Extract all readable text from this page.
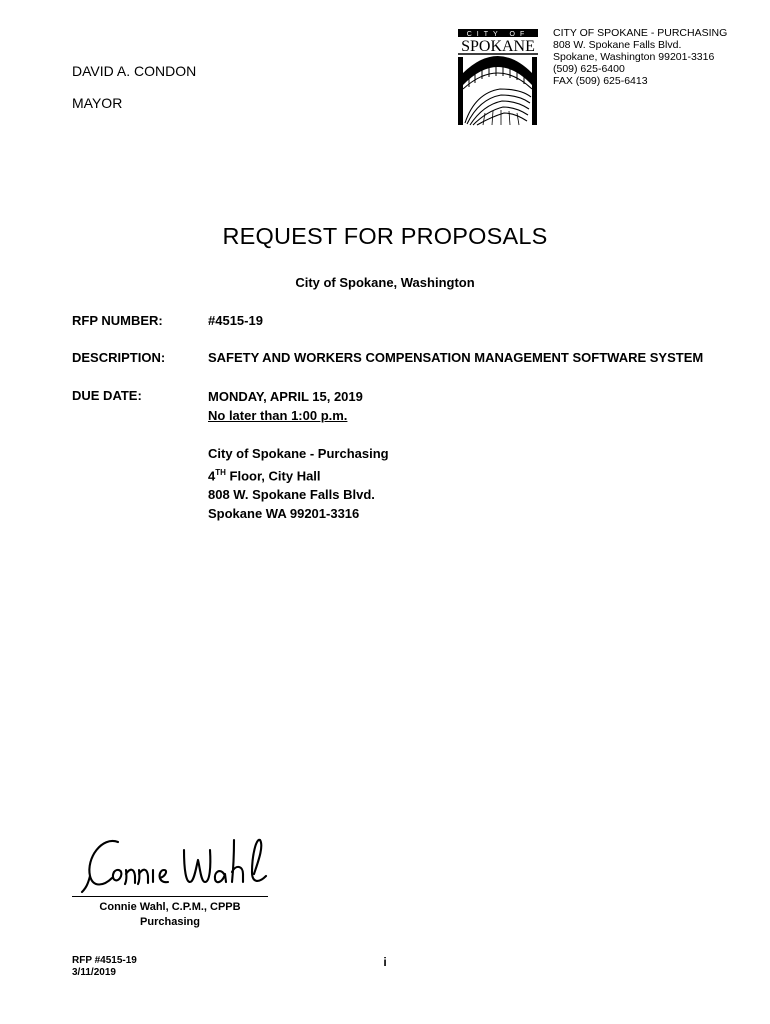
DAVID A. CONDON
MAYOR
CITY OF
SPOKANE
CITY OF SPOKANE - PURCHASING
808 W. Spokane Falls Blvd.
Spokane, Washington 99201-3316
(509) 625-6400
FAX (509) 625-6413
REQUEST FOR PROPOSALS
City of Spokane, Washington
RFP NUMBER:	#4515-19
DESCRIPTION:	SAFETY AND WORKERS COMPENSATION MANAGEMENT SOFTWARE SYSTEM
DUE DATE:	MONDAY, APRIL 15, 2019
No later than 1:00 p.m.
City of Spokane - Purchasing
4TH Floor, City Hall
808 W. Spokane Falls Blvd.
Spokane WA 99201-3316
Connie Wahl, C.P.M., CPPB
Purchasing
RFP #4515-19
3/11/2019
i
